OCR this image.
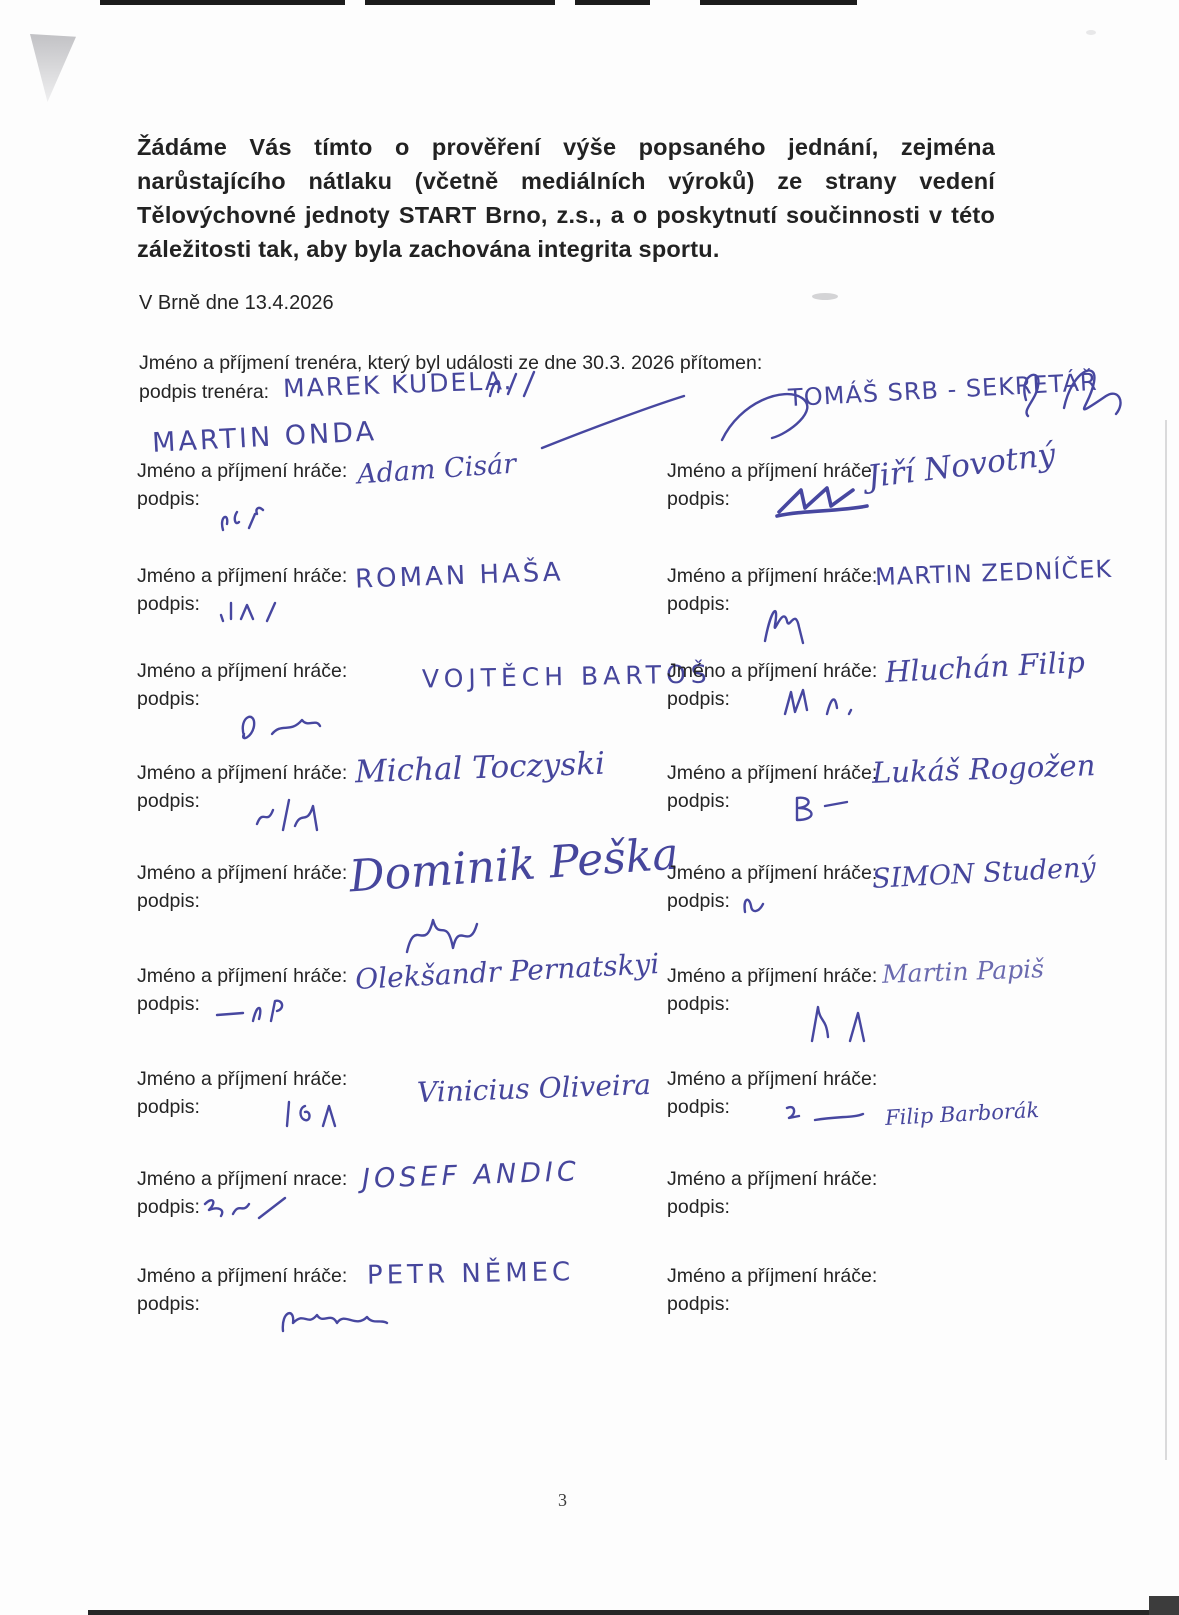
Žádáme Vás tímto o prověření výše popsaného jednání, zejména narůstajícího nátlaku (včetně mediálních výroků) ze strany vedení Tělovýchovné jednoty START Brno, z.s., a o poskytnutí součinnosti v této záležitosti tak, aby byla zachována integrita sportu.
V Brně dne 13.4.2026
Jméno a příjmení trenéra, který byl události ze dne 30.3. 2026 přítomen:
podpis trenéra: MAREK KUDELA.	TOMÁŠ SRB - SEKRETÁŘ
MARTIN ONDA
Jméno a příjmení hráče: Adam Cisár
podpis:
Jméno a příjmení hráče:
Jiří Novotný
podpis:
Jméno a příjmení hráče: ROMAN HAŠA
podpis:
Jméno a příjmení hráče:
MARTIN ZEDNÍČEK
podpis:
Jméno a příjmení hráče:	VOJTĚCH BARTOŠ
podpis:
Jméno a příjmení hráče: Hluchán Filip
podpis:
Jméno a příjmení hráče: Michal Toczyski
podpis:
Jméno a příjmení hráče:
Lukáš Rogožen
podpis:
Jméno a příjmení hráče: Dominik Peška
podpis:
Jméno a příjmení hráče:
SIMON Studený
podpis:
Jméno a příjmení hráče: Olekšandr Pernatskyi
podpis:
Jméno a příjmení hráče: Martin Papiš
podpis:
Jméno a příjmení hráče: Vinicius Oliveira
podpis:
Jméno a příjmení hráče:
Filip Barborák
podpis:
Jméno a příjmení nrace: JOSEF ANDIC
podpis:
Jméno a příjmení hráče:
podpis:
Jméno a příjmení hráče: PETR NĚMEC
podpis:
Jméno a příjmení hráče:
podpis:
3
